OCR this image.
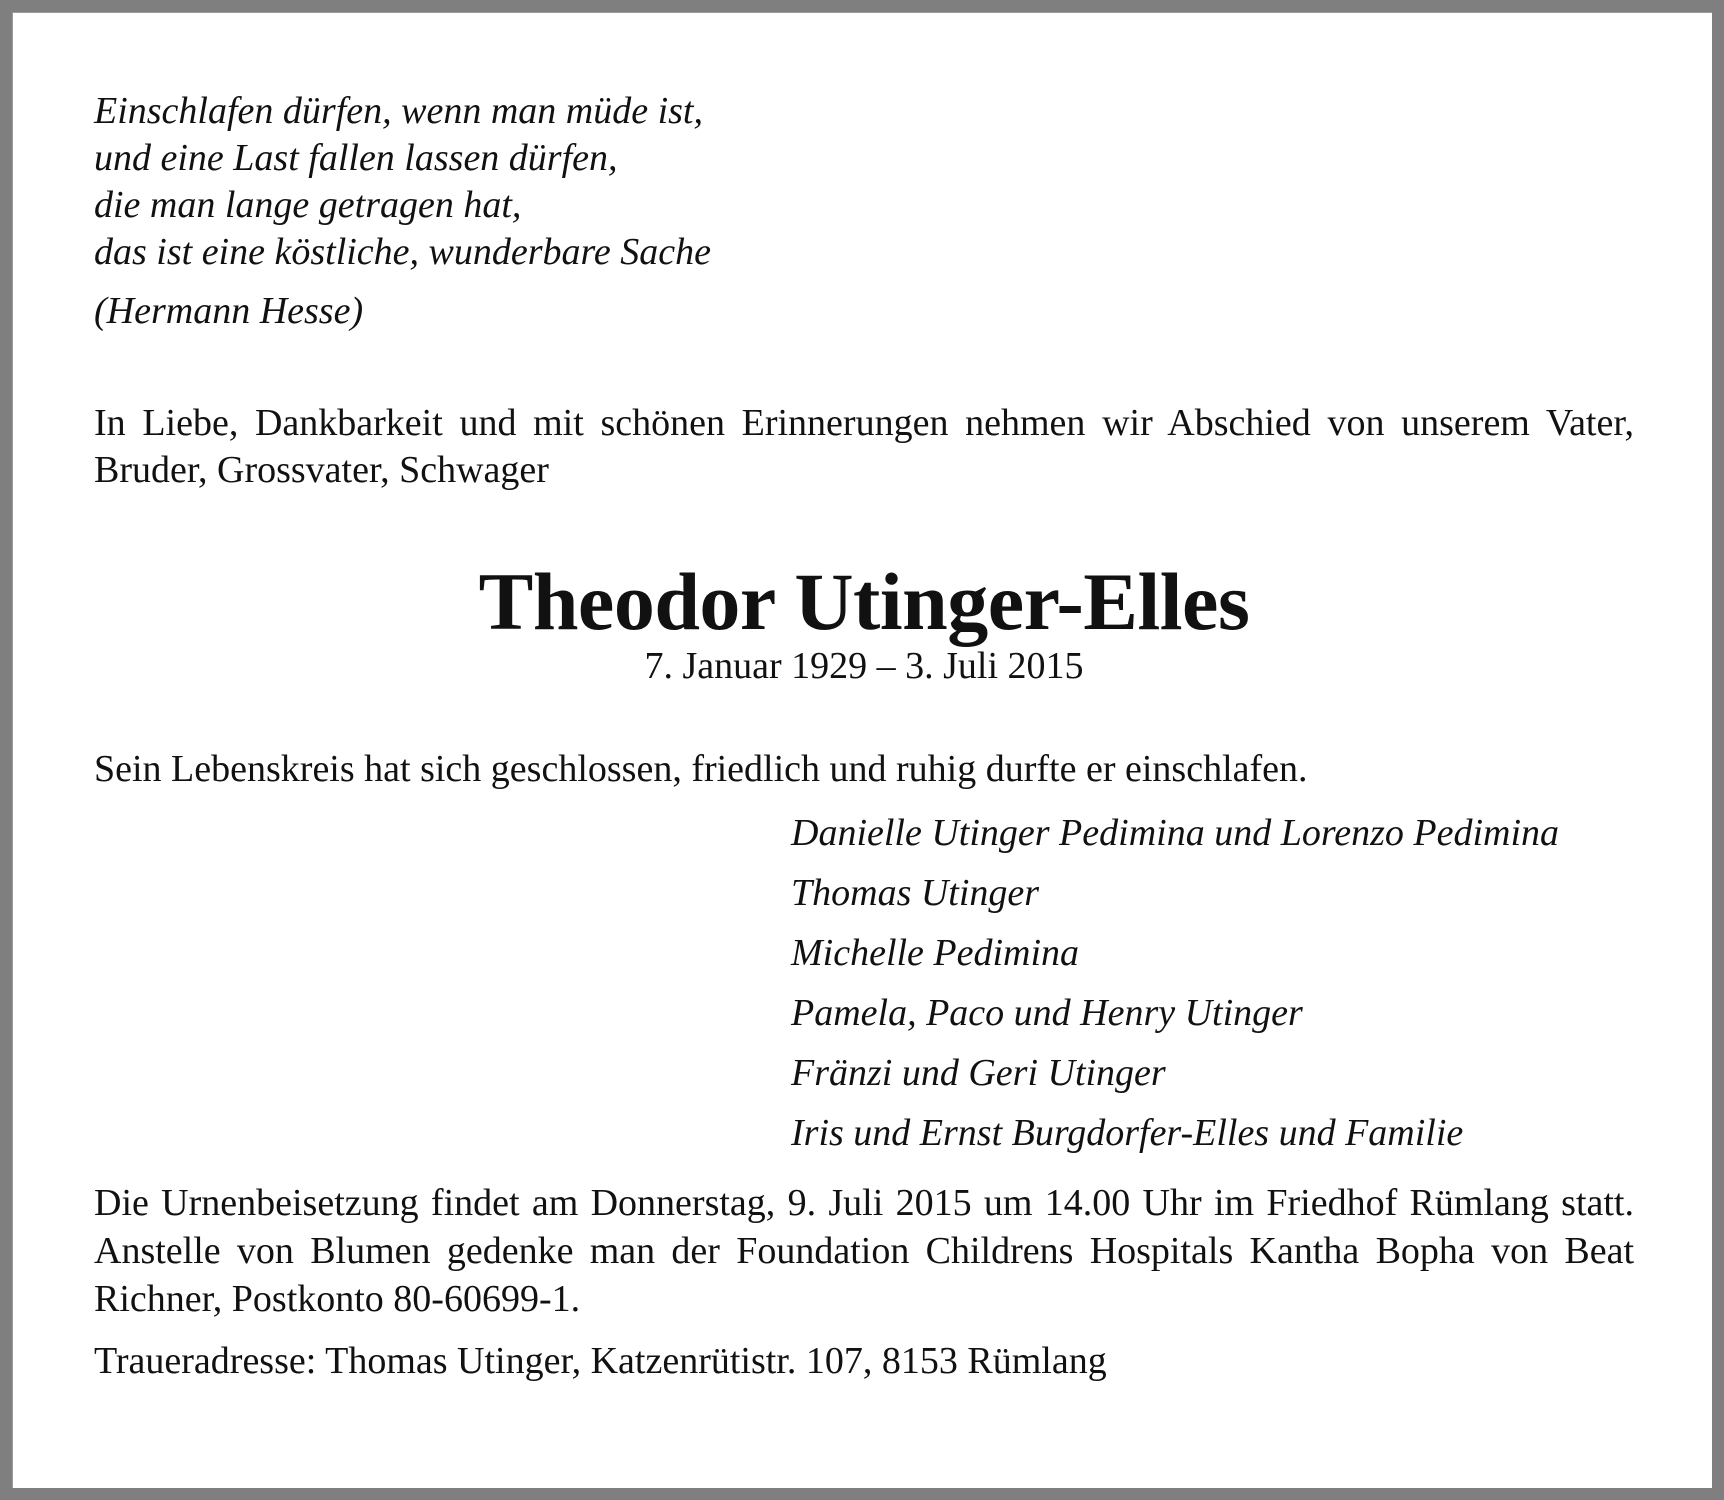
Einschlafen dürfen, wenn man müde ist,
und eine Last fallen lassen dürfen,
die man lange getragen hat,
das ist eine köstliche, wunderbare Sache
(Hermann Hesse)
In Liebe, Dankbarkeit und mit schönen Erinnerungen nehmen wir Abschied von unserem Vater, Bruder, Grossvater, Schwager
Theodor Utinger-Elles
7. Januar 1929 – 3. Juli 2015
Sein Lebenskreis hat sich geschlossen, friedlich und ruhig durfte er einschlafen.
Danielle Utinger Pedimina und Lorenzo Pedimina
Thomas Utinger
Michelle Pedimina
Pamela, Paco und Henry Utinger
Fränzi und Geri Utinger
Iris und Ernst Burgdorfer-Elles und Familie
Die Urnenbeisetzung findet am Donnerstag, 9. Juli 2015 um 14.00 Uhr im Friedhof Rümlang statt. Anstelle von Blumen gedenke man der Foundation Childrens Hospitals Kantha Bopha von Beat Richner, Postkonto 80-60699-1.
Traueradresse: Thomas Utinger, Katzenrütistr. 107, 8153 Rümlang
